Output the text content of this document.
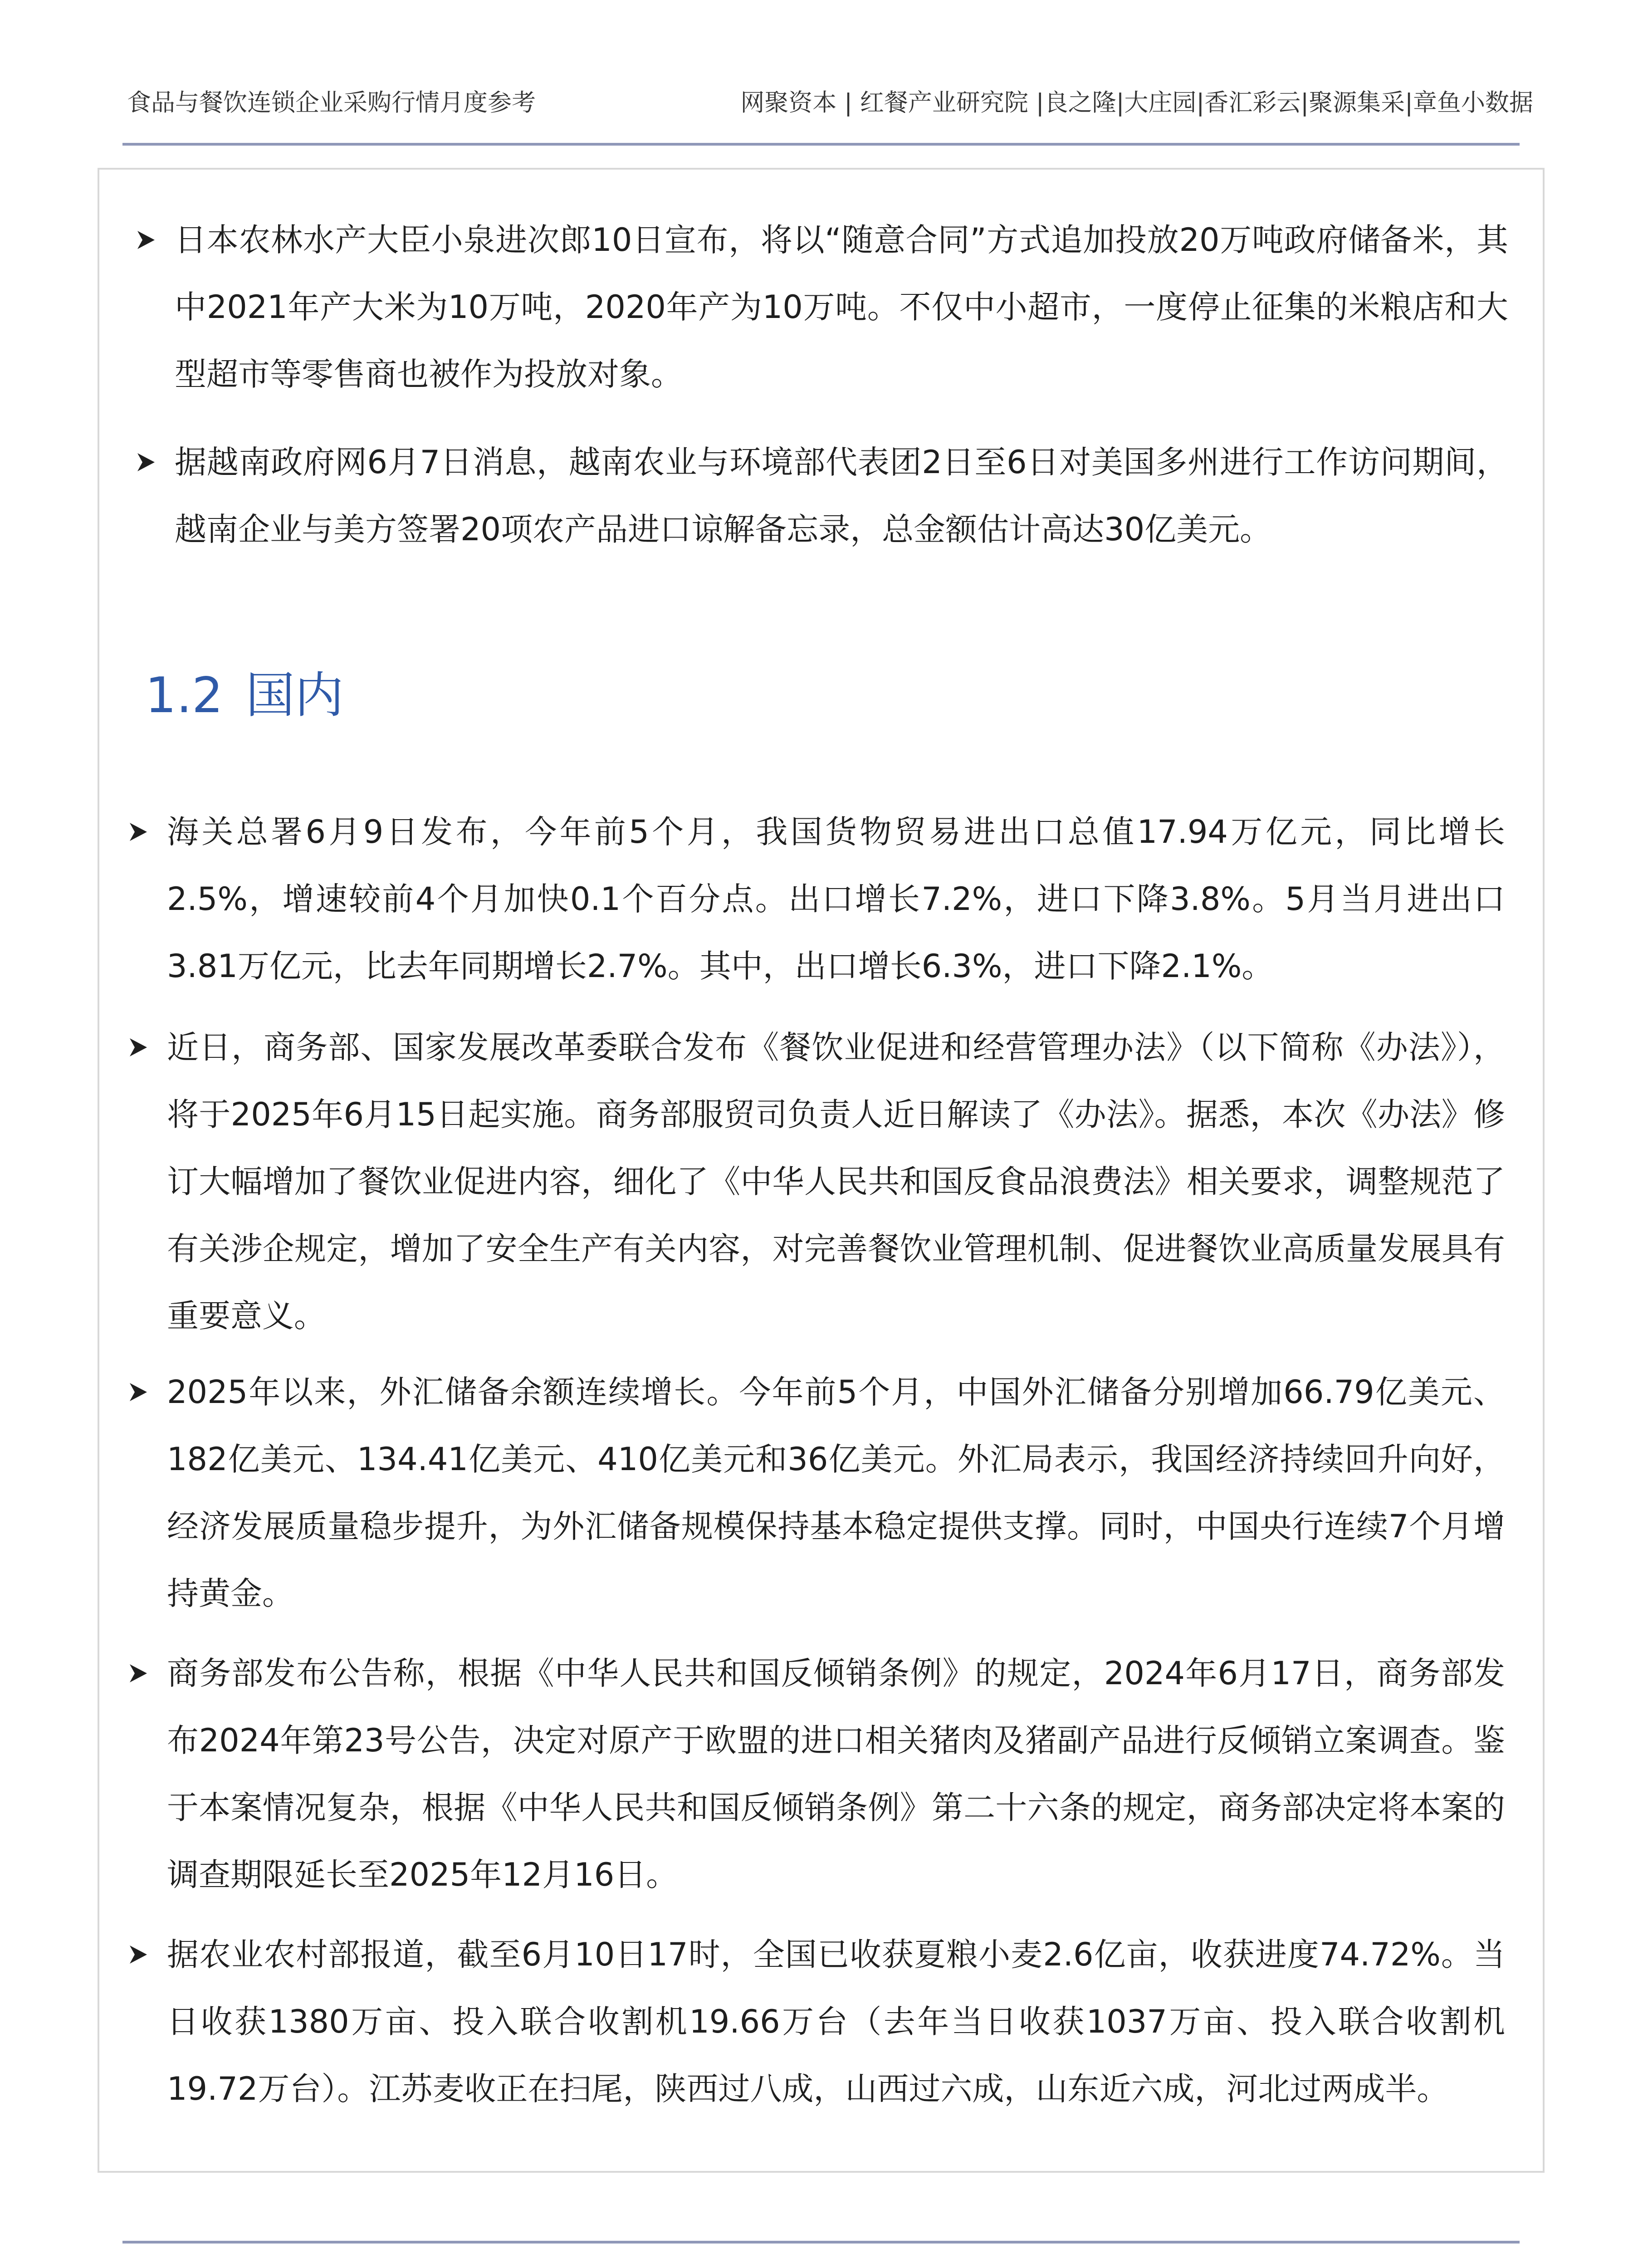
食品与餐饮连锁企业采购行情月度参考	网聚资本 | 红餐产业研究院 |良之隆|大庄园|香汇彩云|聚源集采|章鱼小数据
日本农林水产大臣小泉进次郎10日宣布，将以“随意合同”方式追加投放20万吨政府储备米，其中2021年产大米为10万吨，2020年产为10万吨。不仅中小超市，一度停止征集的米粮店和大型超市等零售商也被作为投放对象。
据越南政府网6月7日消息，越南农业与环境部代表团2日至6日对美国多州进行工作访问期间，越南企业与美方签署20项农产品进口谅解备忘录，总金额估计高达30亿美元。
1.2 国内
海关总署6月9日发布，今年前5个月，我国货物贸易进出口总值17.94万亿元，同比增长2.5%，增速较前4个月加快0.1个百分点。出口增长7.2%，进口下降3.8%。5月当月进出口3.81万亿元，比去年同期增长2.7%。其中，出口增长6.3%，进口下降2.1%。
近日，商务部、国家发展改革委联合发布《餐饮业促进和经营管理办法》（以下简称《办法》），将于2025年6月15日起实施。商务部服贸司负责人近日解读了《办法》。据悉，本次《办法》修订大幅增加了餐饮业促进内容，细化了《中华人民共和国反食品浪费法》相关要求，调整规范了有关涉企规定，增加了安全生产有关内容，对完善餐饮业管理机制、促进餐饮业高质量发展具有重要意义。
2025年以来，外汇储备余额连续增长。今年前5个月，中国外汇储备分别增加66.79亿美元、182亿美元、134.41亿美元、410亿美元和36亿美元。外汇局表示，我国经济持续回升向好，经济发展质量稳步提升，为外汇储备规模保持基本稳定提供支撑。同时，中国央行连续7个月增持黄金。
商务部发布公告称，根据《中华人民共和国反倾销条例》的规定，2024年6月17日，商务部发布2024年第23号公告，决定对原产于欧盟的进口相关猪肉及猪副产品进行反倾销立案调查。鉴于本案情况复杂，根据《中华人民共和国反倾销条例》第二十六条的规定，商务部决定将本案的调查期限延长至2025年12月16日。
据农业农村部报道，截至6月10日17时，全国已收获夏粮小麦2.6亿亩，收获进度74.72%。当日收获1380万亩、投入联合收割机19.66万台（去年当日收获1037万亩、投入联合收割机19.72万台）。江苏麦收正在扫尾，陕西过八成，山西过六成，山东近六成，河北过两成半。
